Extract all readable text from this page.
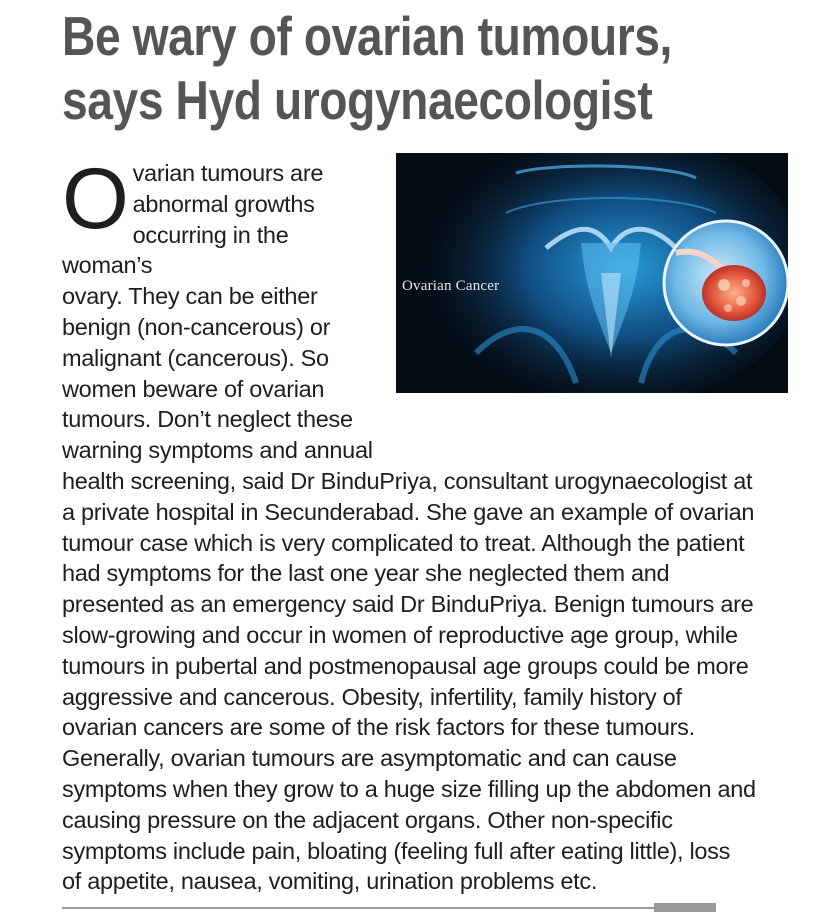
Be wary of ovarian tumours,
says Hyd urogynaecologist
Ovarian Cancer
O varian tumours are
abnormal growths
occurring in the woman’s
ovary. They can be either
benign (non-cancerous) or
malignant (cancerous). So
women beware of ovarian
tumours. Don’t neglect these
warning symptoms and annual
health screening, said Dr BinduPriya, consultant urogynaecologist at
a private hospital in Secunderabad. She gave an example of ovarian
tumour case which is very complicated to treat. Although the patient
had symptoms for the last one year she neglected them and
presented as an emergency said Dr BinduPriya. Benign tumours are
slow-growing and occur in women of reproductive age group, while
tumours in pubertal and postmenopausal age groups could be more
aggressive and cancerous. Obesity, infertility, family history of
ovarian cancers are some of the risk factors for these tumours.
Generally, ovarian tumours are asymptomatic and can cause
symptoms when they grow to a huge size filling up the abdomen and
causing pressure on the adjacent organs. Other non-specific
symptoms include pain, bloating (feeling full after eating little), loss
of appetite, nausea, vomiting, urination problems etc.
